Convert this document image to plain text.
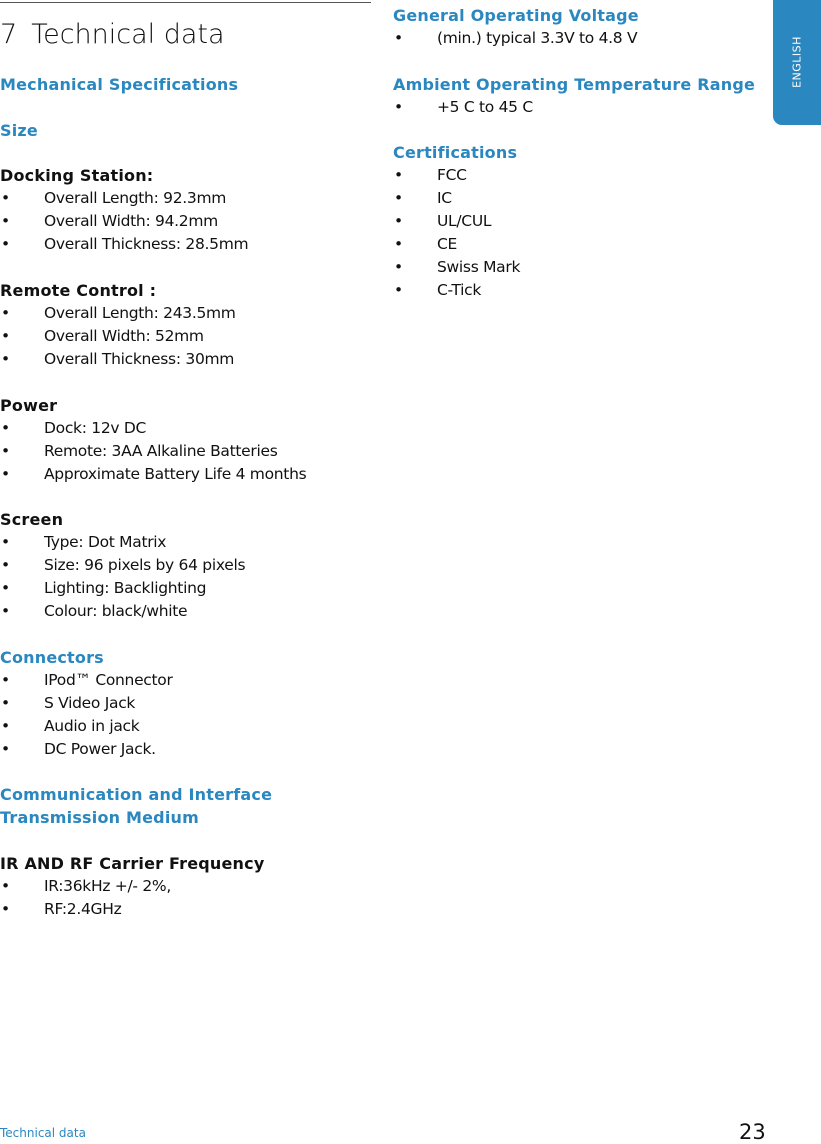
7 Technical data
ENGLISH
Mechanical Specifications
Size
Docking Station:
• Overall Length: 92.3mm
• Overall Width: 94.2mm
• Overall Thickness: 28.5mm
Remote Control :
• Overall Length: 243.5mm
• Overall Width: 52mm
• Overall Thickness: 30mm
Power
• Dock: 12v DC
• Remote: 3AA Alkaline Batteries
• Approximate Battery Life 4 months
Screen
• Type: Dot Matrix
• Size: 96 pixels by 64 pixels
• Lighting: Backlighting
• Colour: black/white
Connectors
• IPod™ Connector
• S Video Jack
• Audio in jack
• DC Power Jack.
Communication and Interface
Transmission Medium
IR AND RF Carrier Frequency
• IR:36kHz +/- 2%,
• RF:2.4GHz
General Operating Voltage
• (min.) typical 3.3V to 4.8 V
Ambient Operating Temperature Range
• +5 C to 45 C
Certifications
• FCC
• IC
• UL/CUL
• CE
• Swiss Mark
• C-Tick
Technical data	23
